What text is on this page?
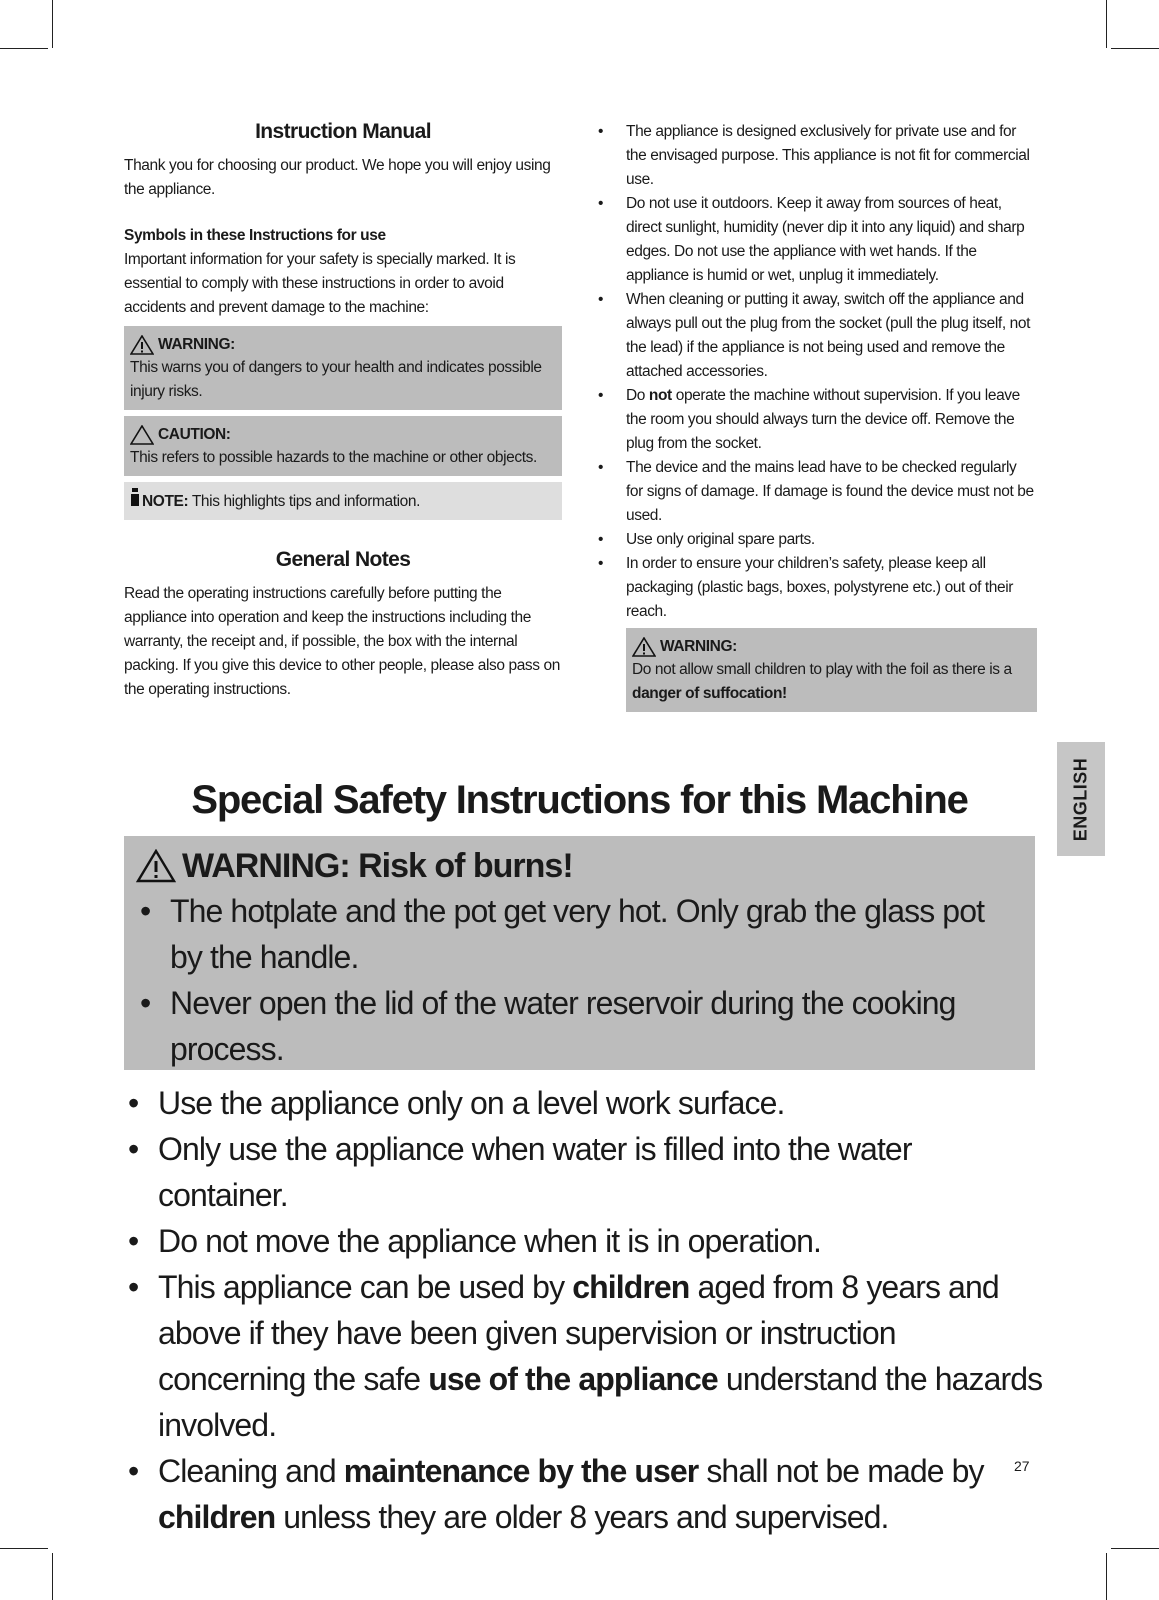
Instruction Manual

Thank you for choosing our product. We hope you will enjoy using the appliance.

Symbols in these Instructions for use

Important information for your safety is specially marked. It is essential to comply with these instructions in order to avoid accidents and prevent damage to the machine:

WARNING:

This warns you of dangers to your health and indicates possible injury risks.

CAUTION:

This refers to possible hazards to the machine or other objects.

NOTE: This highlights tips and information.

General Notes

Read the operating instructions carefully before putting the appliance into operation and keep the instructions including the warranty, the receipt and, if possible, the box with the internal packing. If you give this device to other people, please also pass on the operating instructions.

• The appliance is designed exclusively for private use and for the envisaged purpose. This appliance is not fit for commercial use.
• Do not use it outdoors. Keep it away from sources of heat, direct sunlight, humidity (never dip it into any liquid) and sharp edges. Do not use the appliance with wet hands. If the appliance is humid or wet, unplug it immediately.
• When cleaning or putting it away, switch off the appliance and always pull out the plug from the socket (pull the plug itself, not the lead) if the appliance is not being used and remove the attached accessories.
• Do not operate the machine without supervision. If you leave the room you should always turn the device off. Remove the plug from the socket.
• The device and the mains lead have to be checked regularly for signs of damage. If damage is found the device must not be used.
• Use only original spare parts.
• In order to ensure your children’s safety, please keep all packaging (plastic bags, boxes, polystyrene etc.) out of their reach.
WARNING:

Do not allow small children to play with the foil as there is a danger of suffocation!

ENGLISH
Special Safety Instructions for this Machine
WARNING: Risk of burns!
• The hotplate and the pot get very hot. Only grab the glass pot by the handle.
• Never open the lid of the water reservoir during the cooking process.
• Use the appliance only on a level work surface.
• Only use the appliance when water is filled into the water container.
• Do not move the appliance when it is in operation.
• This appliance can be used by children aged from 8 years and above if they have been given supervision or instruction concerning the safe use of the appliance understand the hazards involved.
• Cleaning and maintenance by the user shall not be made by children unless they are older 8 years and supervised.
27
